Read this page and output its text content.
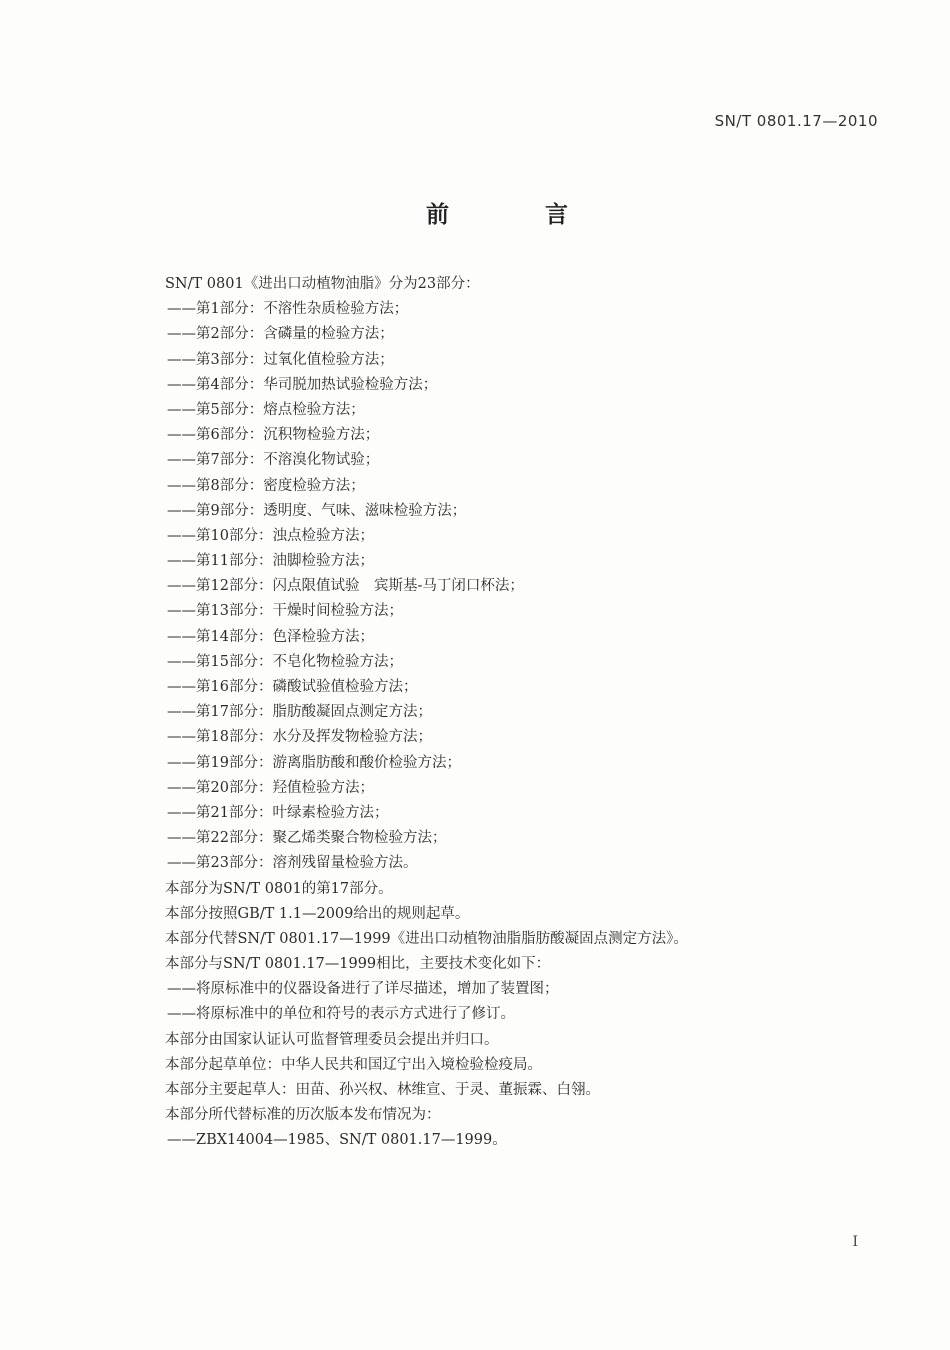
SN/T 0801.17—2010
前 言
SN/T 0801《进出口动植物油脂》分为23部分：
——第1部分：不溶性杂质检验方法；
——第2部分：含磷量的检验方法；
——第3部分：过氧化值检验方法；
——第4部分：华司脱加热试验检验方法；
——第5部分：熔点检验方法；
——第6部分：沉积物检验方法；
——第7部分：不溶溴化物试验；
——第8部分：密度检验方法；
——第9部分：透明度、气味、滋味检验方法；
——第10部分：浊点检验方法；
——第11部分：油脚检验方法；
——第12部分：闪点限值试验　宾斯基-马丁闭口杯法；
——第13部分：干燥时间检验方法；
——第14部分：色泽检验方法；
——第15部分：不皂化物检验方法；
——第16部分：磷酸试验值检验方法；
——第17部分：脂肪酸凝固点测定方法；
——第18部分：水分及挥发物检验方法；
——第19部分：游离脂肪酸和酸价检验方法；
——第20部分：羟值检验方法；
——第21部分：叶绿素检验方法；
——第22部分：聚乙烯类聚合物检验方法；
——第23部分：溶剂残留量检验方法。
本部分为SN/T 0801的第17部分。
本部分按照GB/T 1.1—2009给出的规则起草。
本部分代替SN/T 0801.17—1999《进出口动植物油脂脂肪酸凝固点测定方法》。
本部分与SN/T 0801.17—1999相比，主要技术变化如下：
——将原标准中的仪器设备进行了详尽描述，增加了装置图；
——将原标准中的单位和符号的表示方式进行了修订。
本部分由国家认证认可监督管理委员会提出并归口。
本部分起草单位：中华人民共和国辽宁出入境检验检疫局。
本部分主要起草人：田苗、孙兴权、林维宣、于灵、董振霖、白翎。
本部分所代替标准的历次版本发布情况为：
——ZBX14004—1985、SN/T 0801.17—1999。
I
